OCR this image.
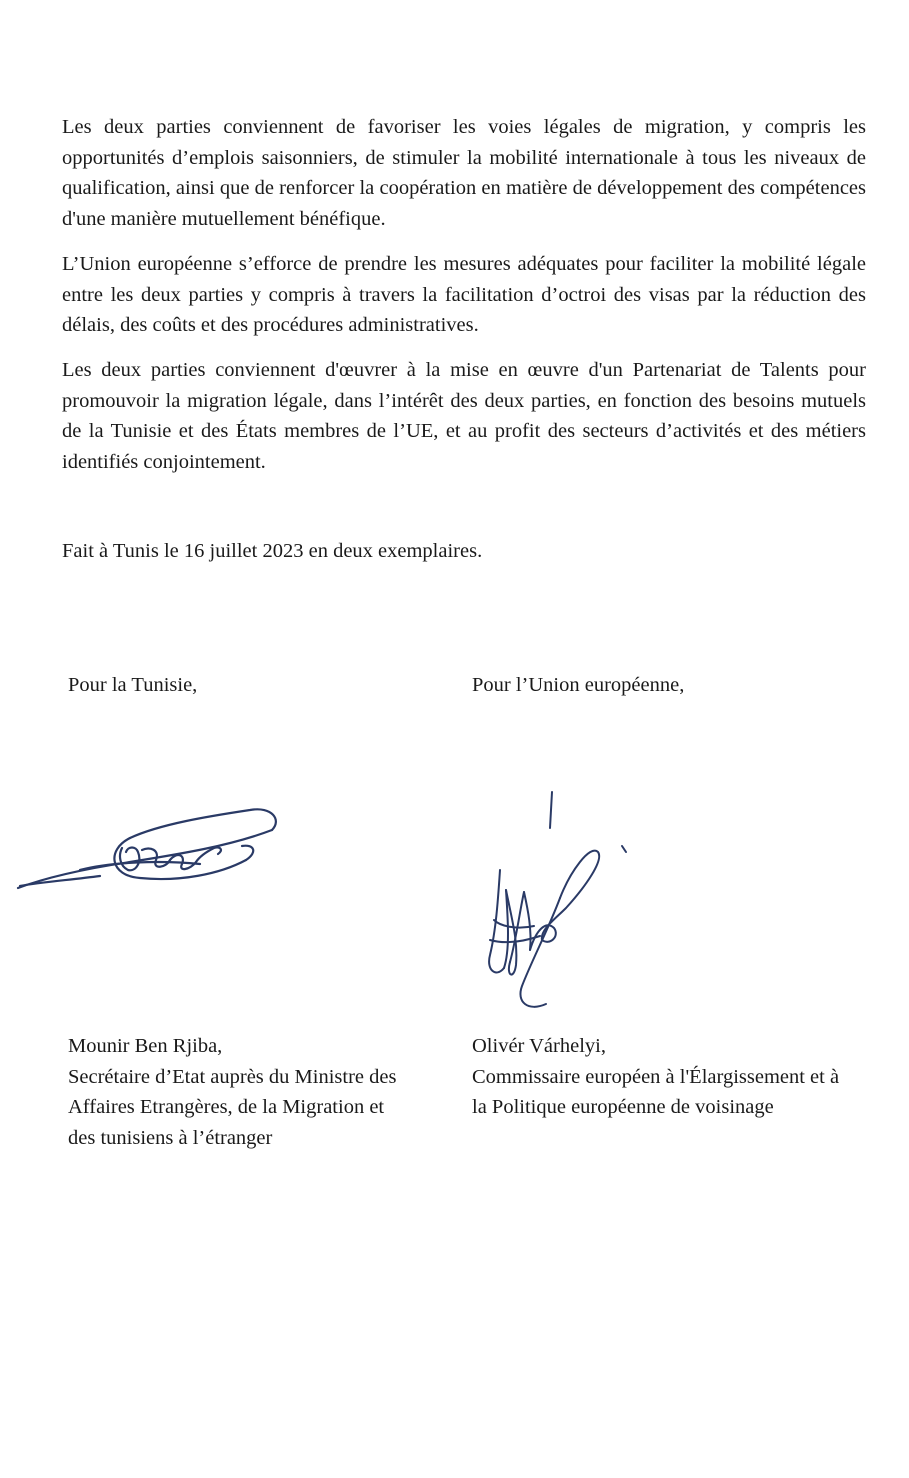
Les deux parties conviennent de favoriser les voies légales de migration, y compris les opportunités d’emplois saisonniers, de stimuler la mobilité internationale à tous les niveaux de qualification, ainsi que de renforcer la coopération en matière de développement des compétences d'une manière mutuellement bénéfique.

L’Union européenne s’efforce de prendre les mesures adéquates pour faciliter la mobilité légale entre les deux parties y compris à travers la facilitation d’octroi des visas par la réduction des délais, des coûts et des procédures administratives.

Les deux parties conviennent d'œuvrer à la mise en œuvre d'un Partenariat de Talents pour promouvoir la migration légale, dans l’intérêt des deux parties, en fonction des besoins mutuels de la Tunisie et des États membres de l’UE, et au profit des secteurs d’activités et des métiers identifiés conjointement.

Fait à Tunis le 16 juillet 2023 en deux exemplaires.

Pour la Tunisie,	Pour l’Union européenne,

Mounir Ben Rjiba,
Secrétaire d’Etat auprès du Ministre des
Affaires Etrangères, de la Migration et
des tunisiens à l’étranger

Olivér Várhelyi,
Commissaire européen à l'Élargissement et à
la Politique européenne de voisinage
